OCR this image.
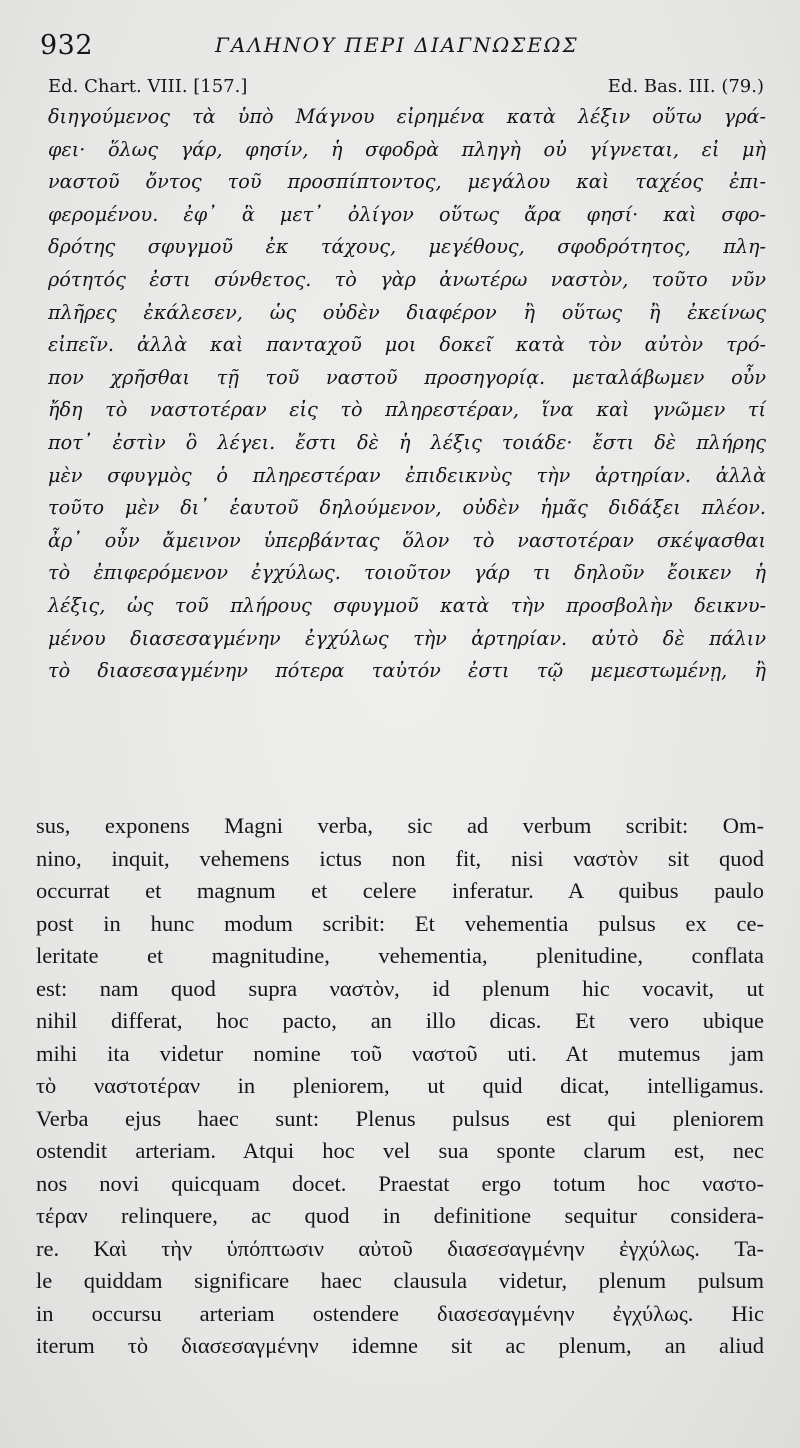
932	ΓΑΛΗΝΟΥ ΠΕΡΙ ΔΙΑΓΝΩΣΕΩΣ
Ed. Chart. VIII. [157.]	Ed. Bas. III. (79.)
διηγούμενος τὰ ὑπὸ Μάγνου εἰρημένα κατὰ λέξιν οὕτω γρά-
φει· ὅλως γάρ, φησίν, ἡ σφοδρὰ πληγὴ οὐ γίγνεται, εἰ μὴ
ναστοῦ ὄντος τοῦ προσπίπτοντος, μεγάλου καὶ ταχέος ἐπι-
φερομένου. ἐφ᾽ ἃ μετ᾽ ὀλίγον οὕτως ἄρα φησί· καὶ σφο-
δρότης σφυγμοῦ ἐκ τάχους, μεγέθους, σφοδρότητος, πλη-
ρότητός ἐστι σύνθετος. τὸ γὰρ ἀνωτέρω ναστὸν, τοῦτο νῦν
πλῆρες ἐκάλεσεν, ὡς οὐδὲν διαφέρον ἢ οὕτως ἢ ἐκείνως
εἰπεῖν. ἀλλὰ καὶ πανταχοῦ μοι δοκεῖ κατὰ τὸν αὐτὸν τρό-
πον χρῆσθαι τῇ τοῦ ναστοῦ προσηγορίᾳ. μεταλάβωμεν οὖν
ἤδη τὸ ναστοτέραν εἰς τὸ πληρεστέραν, ἵνα καὶ γνῶμεν τί
ποτ᾽ ἐστὶν ὃ λέγει. ἔστι δὲ ἡ λέξις τοιάδε· ἔστι δὲ πλήρης
μὲν σφυγμὸς ὁ πληρεστέραν ἐπιδεικνὺς τὴν ἀρτηρίαν. ἀλλὰ
τοῦτο μὲν δι᾽ ἑαυτοῦ δηλούμενον, οὐδὲν ἡμᾶς διδάξει πλέον.
ἆρ᾽ οὖν ἄμεινον ὑπερβάντας ὅλον τὸ ναστοτέραν σκέψασθαι
τὸ ἐπιφερόμενον ἐγχύλως. τοιοῦτον γάρ τι δηλοῦν ἔοικεν ἡ
λέξις, ὡς τοῦ πλήρους σφυγμοῦ κατὰ τὴν προσβολὴν δεικνυ-
μένου διασεσαγμένην ἐγχύλως τὴν ἀρτηρίαν. αὐτὸ δὲ πάλιν
τὸ διασεσαγμένην πότερα ταὐτόν ἐστι τῷ μεμεστωμένῃ, ἢ
sus, exponens Magni verba, sic ad verbum scribit: Om-
nino, inquit, vehemens ictus non fit, nisi ναστὸν sit quod
occurrat et magnum et celere inferatur. A quibus paulo
post in hunc modum scribit: Et vehementia pulsus ex ce-
leritate et magnitudine, vehementia, plenitudine, conflata
est: nam quod supra ναστὸν, id plenum hic vocavit, ut
nihil differat, hoc pacto, an illo dicas. Et vero ubique
mihi ita videtur nomine τοῦ ναστοῦ uti. At mutemus jam
τὸ ναστοτέραν in pleniorem, ut quid dicat, intelligamus.
Verba ejus haec sunt: Plenus pulsus est qui pleniorem
ostendit arteriam. Atqui hoc vel sua sponte clarum est, nec
nos novi quicquam docet. Praestat ergo totum hoc ναστο-
τέραν relinquere, ac quod in definitione sequitur considera-
re. Καὶ τὴν ὑπόπτωσιν αὐτοῦ διασεσαγμένην ἐγχύλως. Ta-
le quiddam significare haec clausula videtur, plenum pulsum
in occursu arteriam ostendere διασεσαγμένην ἐγχύλως. Hic
iterum τὸ διασεσαγμένην idemne sit ac plenum, an aliud
